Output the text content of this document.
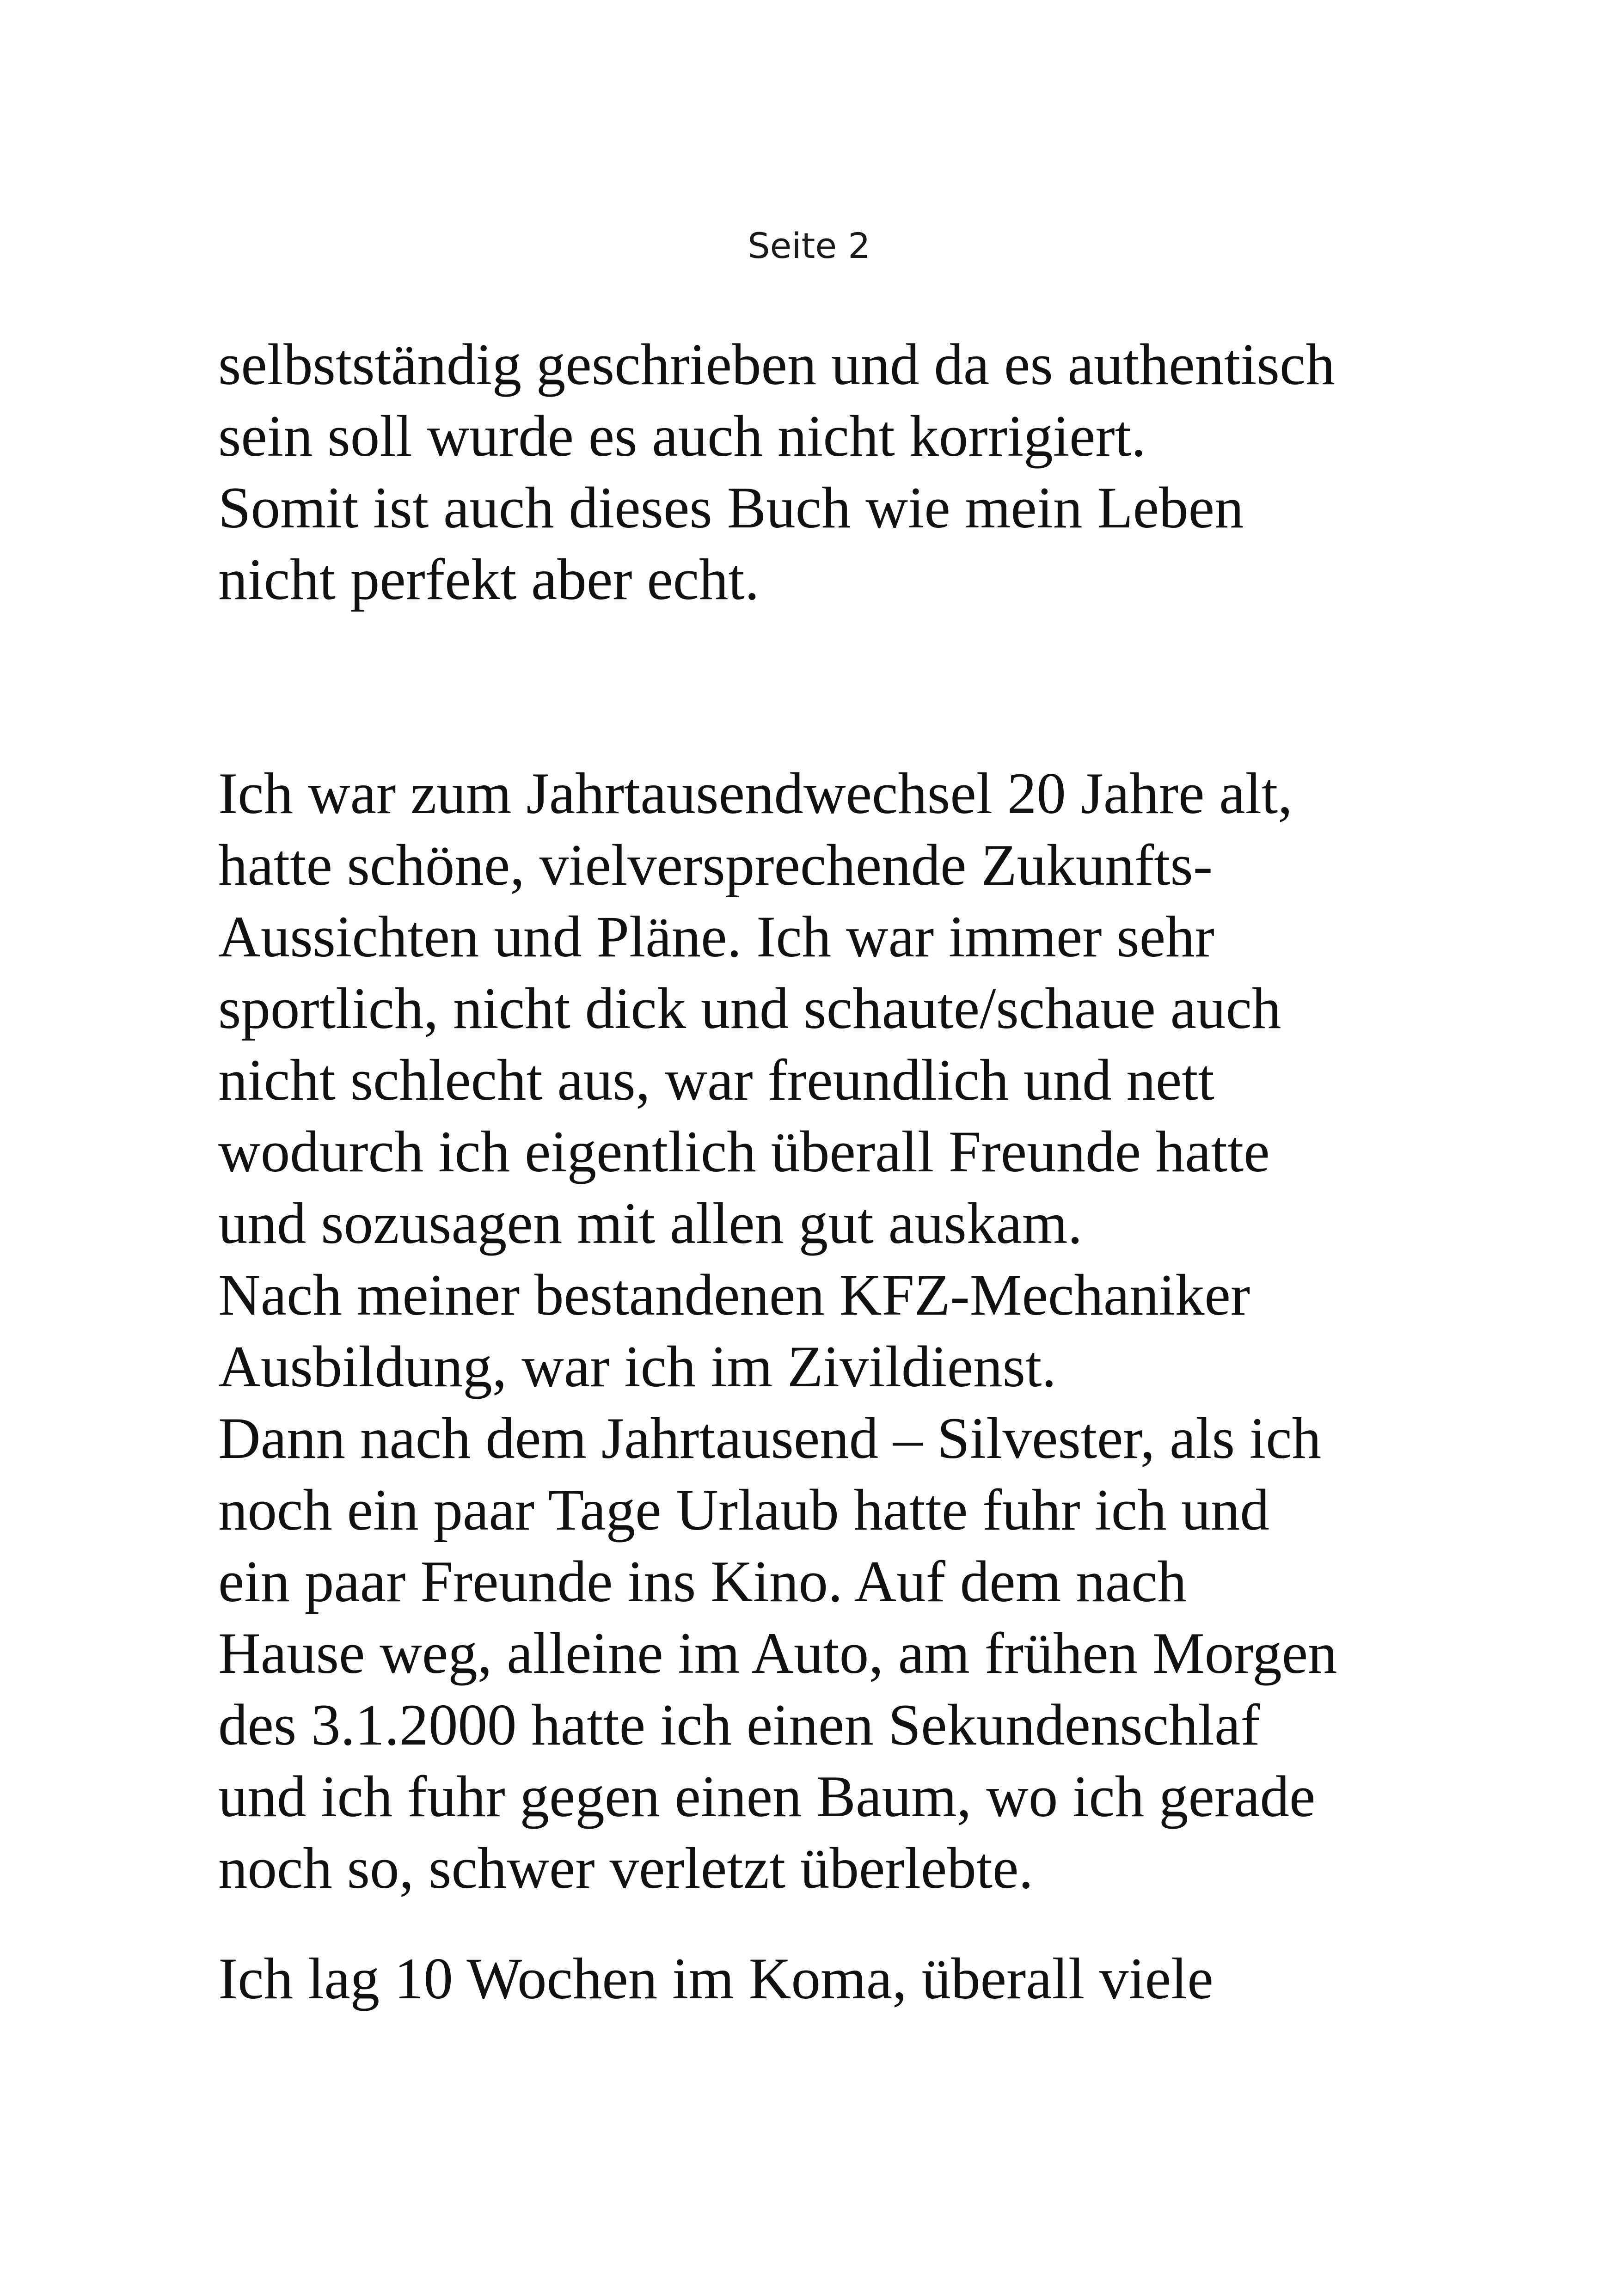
Seite 2
selbstständig geschrieben und da es authentisch
sein soll wurde es auch nicht korrigiert.
Somit ist auch dieses Buch wie mein Leben
nicht perfekt aber echt.
Ich war zum Jahrtausendwechsel 20 Jahre alt,
hatte schöne, vielversprechende Zukunfts-
Aussichten und Pläne. Ich war immer sehr
sportlich, nicht dick und schaute/schaue auch
nicht schlecht aus, war freundlich und nett
wodurch ich eigentlich überall Freunde hatte
und sozusagen mit allen gut auskam.
Nach meiner bestandenen KFZ-Mechaniker
Ausbildung, war ich im Zivildienst.
Dann nach dem Jahrtausend – Silvester, als ich
noch ein paar Tage Urlaub hatte fuhr ich und
ein paar Freunde ins Kino. Auf dem nach
Hause weg, alleine im Auto, am frühen Morgen
des 3.1.2000 hatte ich einen Sekundenschlaf
und ich fuhr gegen einen Baum, wo ich gerade
noch so, schwer verletzt überlebte.
Ich lag 10 Wochen im Koma, überall viele
